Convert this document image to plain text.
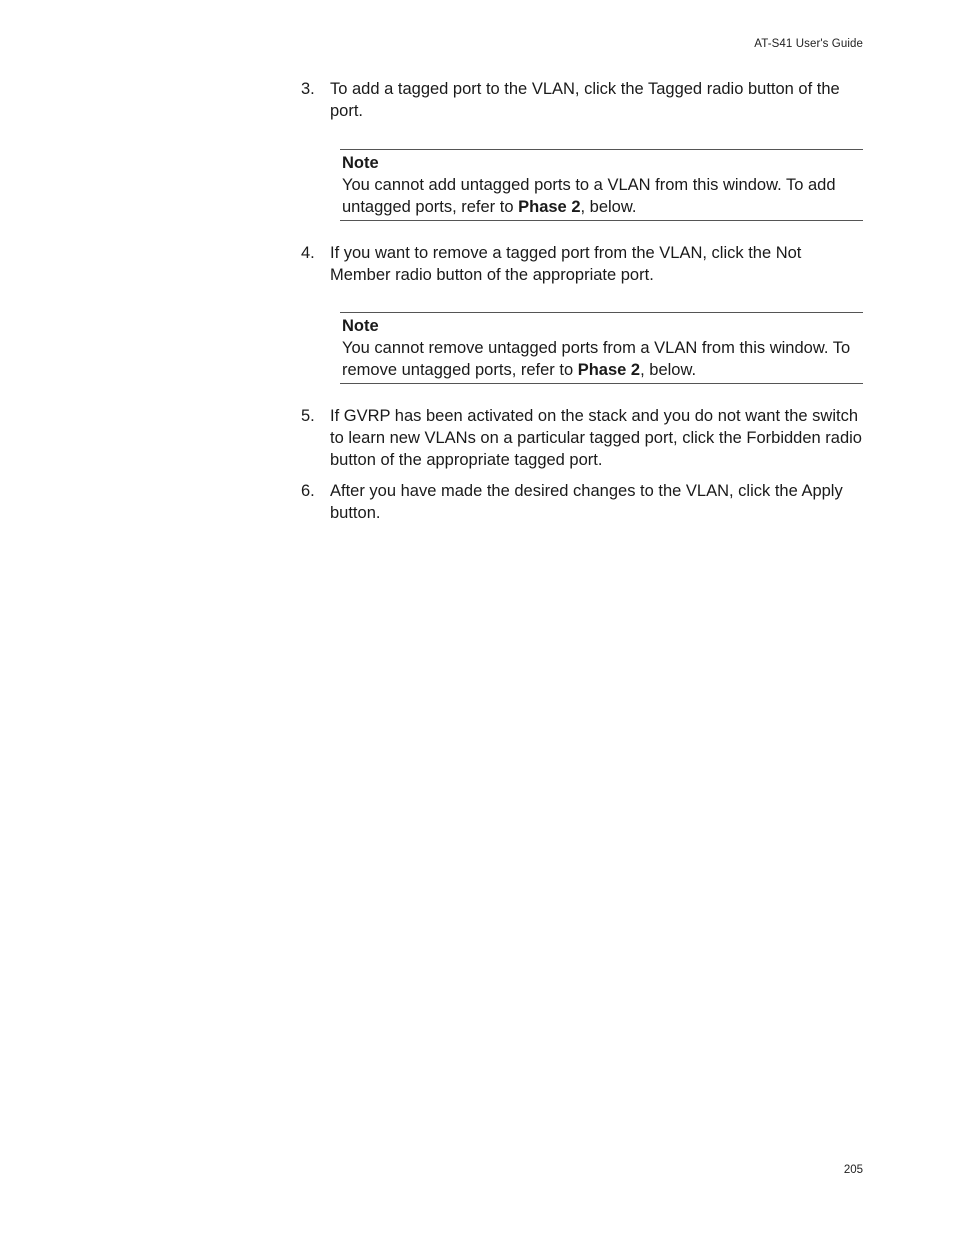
AT-S41 User's Guide
3. To add a tagged port to the VLAN, click the Tagged radio button of the port.
Note
You cannot add untagged ports to a VLAN from this window. To add untagged ports, refer to Phase 2, below.
4. If you want to remove a tagged port from the VLAN, click the Not Member radio button of the appropriate port.
Note
You cannot remove untagged ports from a VLAN from this window. To remove untagged ports, refer to Phase 2, below.
5. If GVRP has been activated on the stack and you do not want the switch to learn new VLANs on a particular tagged port, click the Forbidden radio button of the appropriate tagged port.
6. After you have made the desired changes to the VLAN, click the Apply button.
205
